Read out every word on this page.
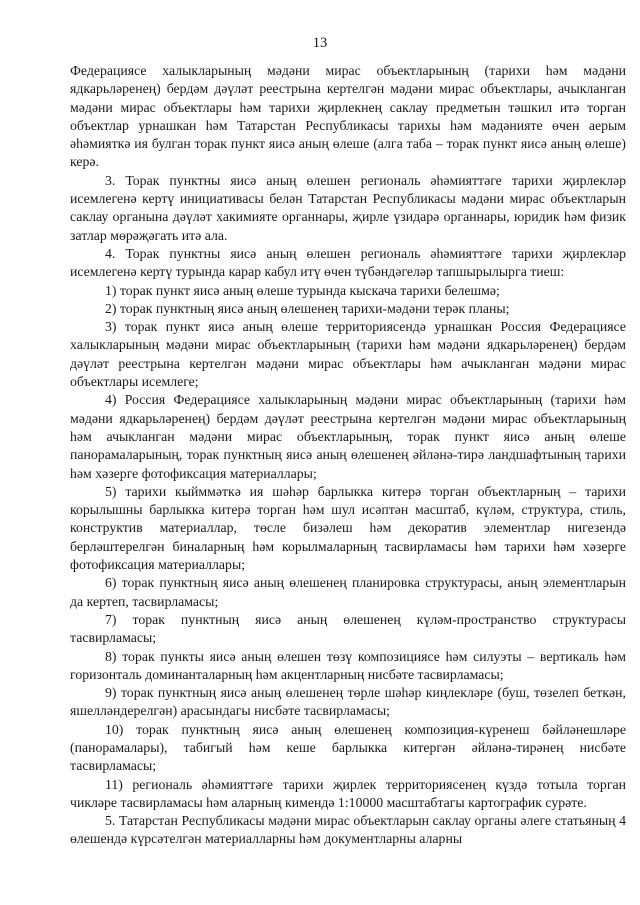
13

Федерациясе халыкларының мәдәни мирас объектларының (тарихи һәм мәдәни ядкарьләренең) бердәм дәүләт реестрына кертелгән мәдәни мирас объектлары, ачыкланган мәдәни мирас объектлары һәм тарихи җирлекнең саклау предметын тәшкил итә торган объектлар урнашкан һәм Татарстан Республикасы тарихы һәм мәдәнияте өчен аерым әһәмияткә ия булган торак пункт яисә аның өлеше (алга таба – торак пункт яисә аның өлеше) керә.

3. Торак пунктны яисә аның өлешен региональ әһәмияттәге тарихи җирлекләр исемлегенә кертү инициативасы белән Татарстан Республикасы мәдәни мирас объектларын саклау органына дәүләт хакимияте органнары, җирле үзидарә органнары, юридик һәм физик затлар мөрәҗәгать итә ала.

4. Торак пунктны яисә аның өлешен региональ әһәмияттәге тарихи җирлекләр исемлегенә кертү турында карар кабул итү өчен түбәндәгеләр тапшырылырга тиеш:

1) торак пункт яисә аның өлеше турында кыскача тарихи белешмә;

2) торак пунктның яисә аның өлешенең тарихи-мәдәни терәк планы;

3) торак пункт яисә аның өлеше территориясендә урнашкан Россия Федерациясе халыкларының мәдәни мирас объектларының (тарихи һәм мәдәни ядкарьләренең) бердәм дәүләт реестрына кертелгән мәдәни мирас объектлары һәм ачыкланган мәдәни мирас объектлары исемлеге;

4) Россия Федерациясе халыкларының мәдәни мирас объектларының (тарихи һәм мәдәни ядкарьләренең) бердәм дәүләт реестрына кертелгән мәдәни мирас объектларының һәм ачыкланган мәдәни мирас объектларының, торак пункт яисә аның өлеше панорамаларының, торак пунктның яисә аның өлешенең әйләнә-тирә ландшафтының тарихи һәм хәзерге фотофиксация материаллары;

5) тарихи кыйммәткә ия шәһәр барлыкка китерә торган объектларның – тарихи корылышны барлыкка китерә торган һәм шул исәптән масштаб, күләм, структура, стиль, конструктив материаллар, төсле бизәлеш һәм декоратив элементлар нигезендә берләштерелгән биналарның һәм корылмаларның тасвирламасы һәм тарихи һәм хәзерге фотофиксация материаллары;

6) торак пунктның яисә аның өлешенең планировка структурасы, аның элементларын да кертеп, тасвирламасы;

7) торак пунктның яисә аның өлешенең күләм-пространство структурасы тасвирламасы;

8) торак пункты яисә аның өлешен төзү композициясе һәм силуэты – вертикаль һәм горизонталь доминанталарның һәм акцентларның нисбәте тасвирламасы;

9) торак пунктның яисә аның өлешенең төрле шәһәр киңлекләре (буш, төзелеп беткән, яшелләндерелгән) арасындагы нисбәте тасвирламасы;

10) торак пунктның яисә аның өлешенең композиция-күренеш бәйләнешләре (панорамалары), табигый һәм кеше барлыкка китергән әйләнә-тирәнең нисбәте тасвирламасы;

11) региональ әһәмияттәге тарихи җирлек территориясенең күздә тотыла торган чикләре тасвирламасы һәм аларның кимендә 1:10000 масштабтагы картографик сурәте.

5. Татарстан Республикасы мәдәни мирас объектларын саклау органы әлеге статьяның 4 өлешендә күрсәтелгән материалларны һәм документларны аларны
